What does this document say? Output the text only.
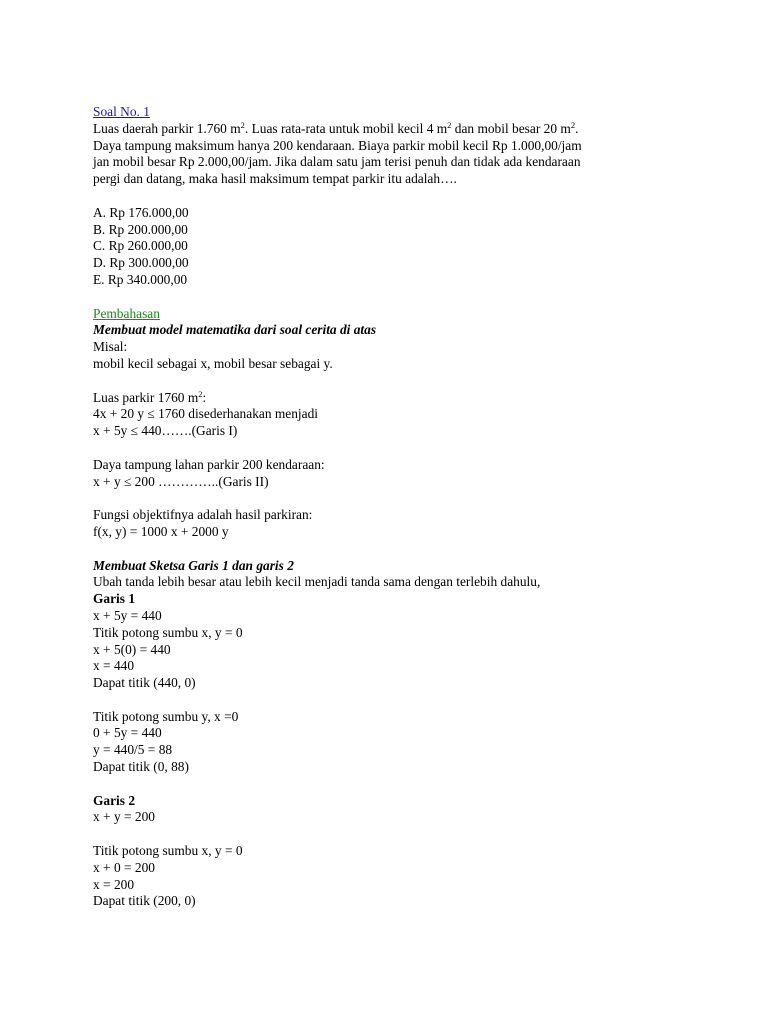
Soal No. 1
Luas daerah parkir 1.760 $m^2$. Luas rata-rata untuk mobil kecil 4 $m^2$ dan mobil besar 20 $m^2$.
Daya tampung maksimum hanya 200 kendaraan. Biaya parkir mobil kecil Rp 1.000,00/jam
jan mobil besar Rp 2.000,00/jam. Jika dalam satu jam terisi penuh dan tidak ada kendaraan
pergi dan datang, maka hasil maksimum tempat parkir itu adalah….
A. Rp 176.000,00
B. Rp 200.000,00
C. Rp 260.000,00
D. Rp 300.000,00
E. Rp 340.000,00
Pembahasan
Membuat model matematika dari soal cerita di atas
Misal:
mobil kecil sebagai x, mobil besar sebagai y.
Luas parkir 1760 $m^2$:
4x + 20 y ≤ 1760 disederhanakan menjadi
x + 5y ≤ 440…….(Garis I)
Daya tampung lahan parkir 200 kendaraan:
x + y ≤ 200 …………..(Garis II)
Fungsi objektifnya adalah hasil parkiran:
f(x, y) = 1000 x + 2000 y
Membuat Sketsa Garis 1 dan garis 2
Ubah tanda lebih besar atau lebih kecil menjadi tanda sama dengan terlebih dahulu,
Garis 1
x + 5y = 440
Titik potong sumbu x, y = 0
x + 5(0) = 440
x = 440
Dapat titik (440, 0)
Titik potong sumbu y, x =0
0 + 5y = 440
y = 440/5 = 88
Dapat titik (0, 88)
Garis 2
x + y = 200
Titik potong sumbu x, y = 0
x + 0 = 200
x = 200
Dapat titik (200, 0)
